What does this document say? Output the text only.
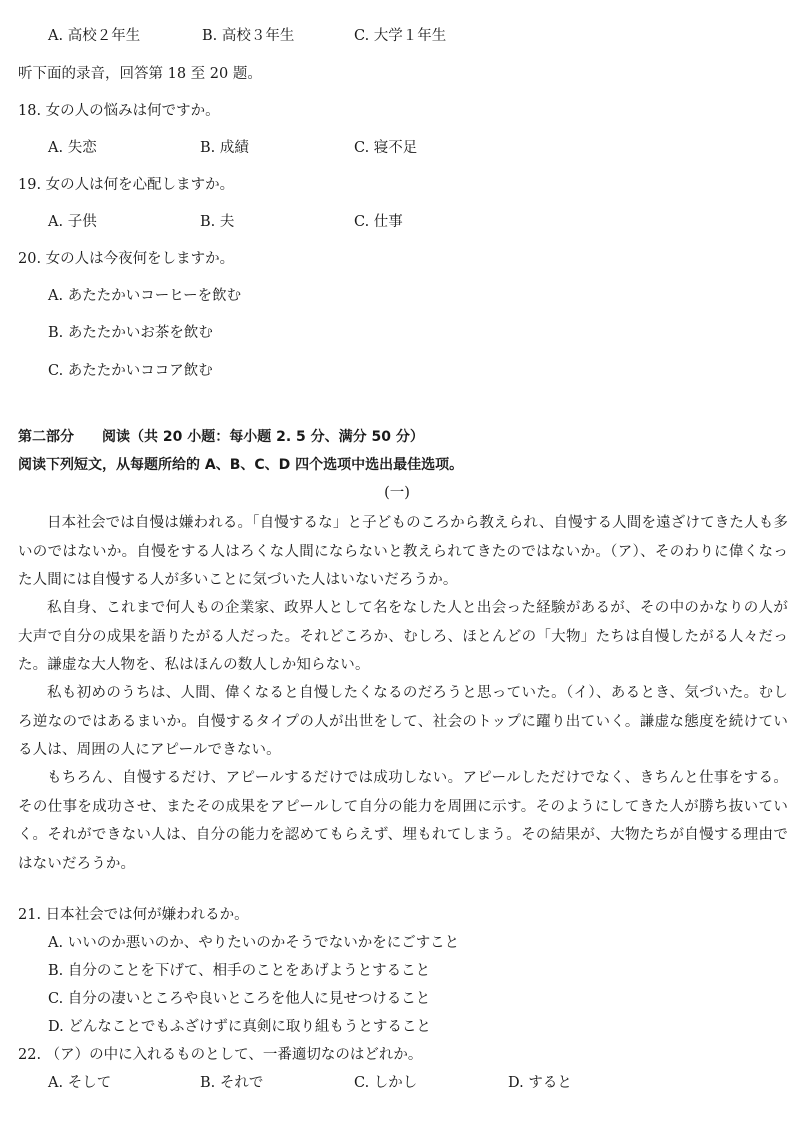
A. 高校２年生	B. 高校３年生	C. 大学１年生
听下面的录音，回答第 18 至 20 题。
18. 女の人の悩みは何ですか。
A. 失恋	B. 成績	C. 寝不足
19. 女の人は何を心配しますか。
A. 子供	B. 夫	C. 仕事
20. 女の人は今夜何をしますか。
A. あたたかいコーヒーを飲む
B. あたたかいお茶を飲む
C. あたたかいココア飲む
第二部分　　阅读（共 20 小题：每小题 2. 5 分、满分 50 分）
阅读下列短文，从每题所给的 A、B、C、D 四个选项中选出最佳选项。
(一)
日本社会では自慢は嫌われる。「自慢するな」と子どものころから教えられ、自慢する人間を遠ざけてきた人も多いのではないか。自慢をする人はろくな人間にならないと教えられてきたのではないか。（ア）、そのわりに偉くなった人間には自慢する人が多いことに気づいた人はいないだろうか。
私自身、これまで何人もの企業家、政界人として名をなした人と出会った経験があるが、その中のかなりの人が大声で自分の成果を語りたがる人だった。それどころか、むしろ、ほとんどの「大物」たちは自慢したがる人々だった。謙虚な大人物を、私はほんの数人しか知らない。
私も初めのうちは、人間、偉くなると自慢したくなるのだろうと思っていた。（イ）、あるとき、気づいた。むしろ逆なのではあるまいか。自慢するタイプの人が出世をして、社会のトップに躍り出ていく。謙虚な態度を続けている人は、周囲の人にアピールできない。
もちろん、自慢するだけ、アピールするだけでは成功しない。アピールしただけでなく、きちんと仕事をする。その仕事を成功させ、またその成果をアピールして自分の能力を周囲に示す。そのようにしてきた人が勝ち抜いていく。それができない人は、自分の能力を認めてもらえず、埋もれてしまう。その結果が、大物たちが自慢する理由ではないだろうか。
21. 日本社会では何が嫌われるか。
A. いいのか悪いのか、やりたいのかそうでないかをにごすこと
B. 自分のことを下げて、相手のことをあげようとすること
C. 自分の凄いところや良いところを他人に見せつけること
D. どんなことでもふざけずに真剣に取り組もうとすること
22. （ア）の中に入れるものとして、一番適切なのはどれか。
A. そして	B. それで	C. しかし	D. すると
